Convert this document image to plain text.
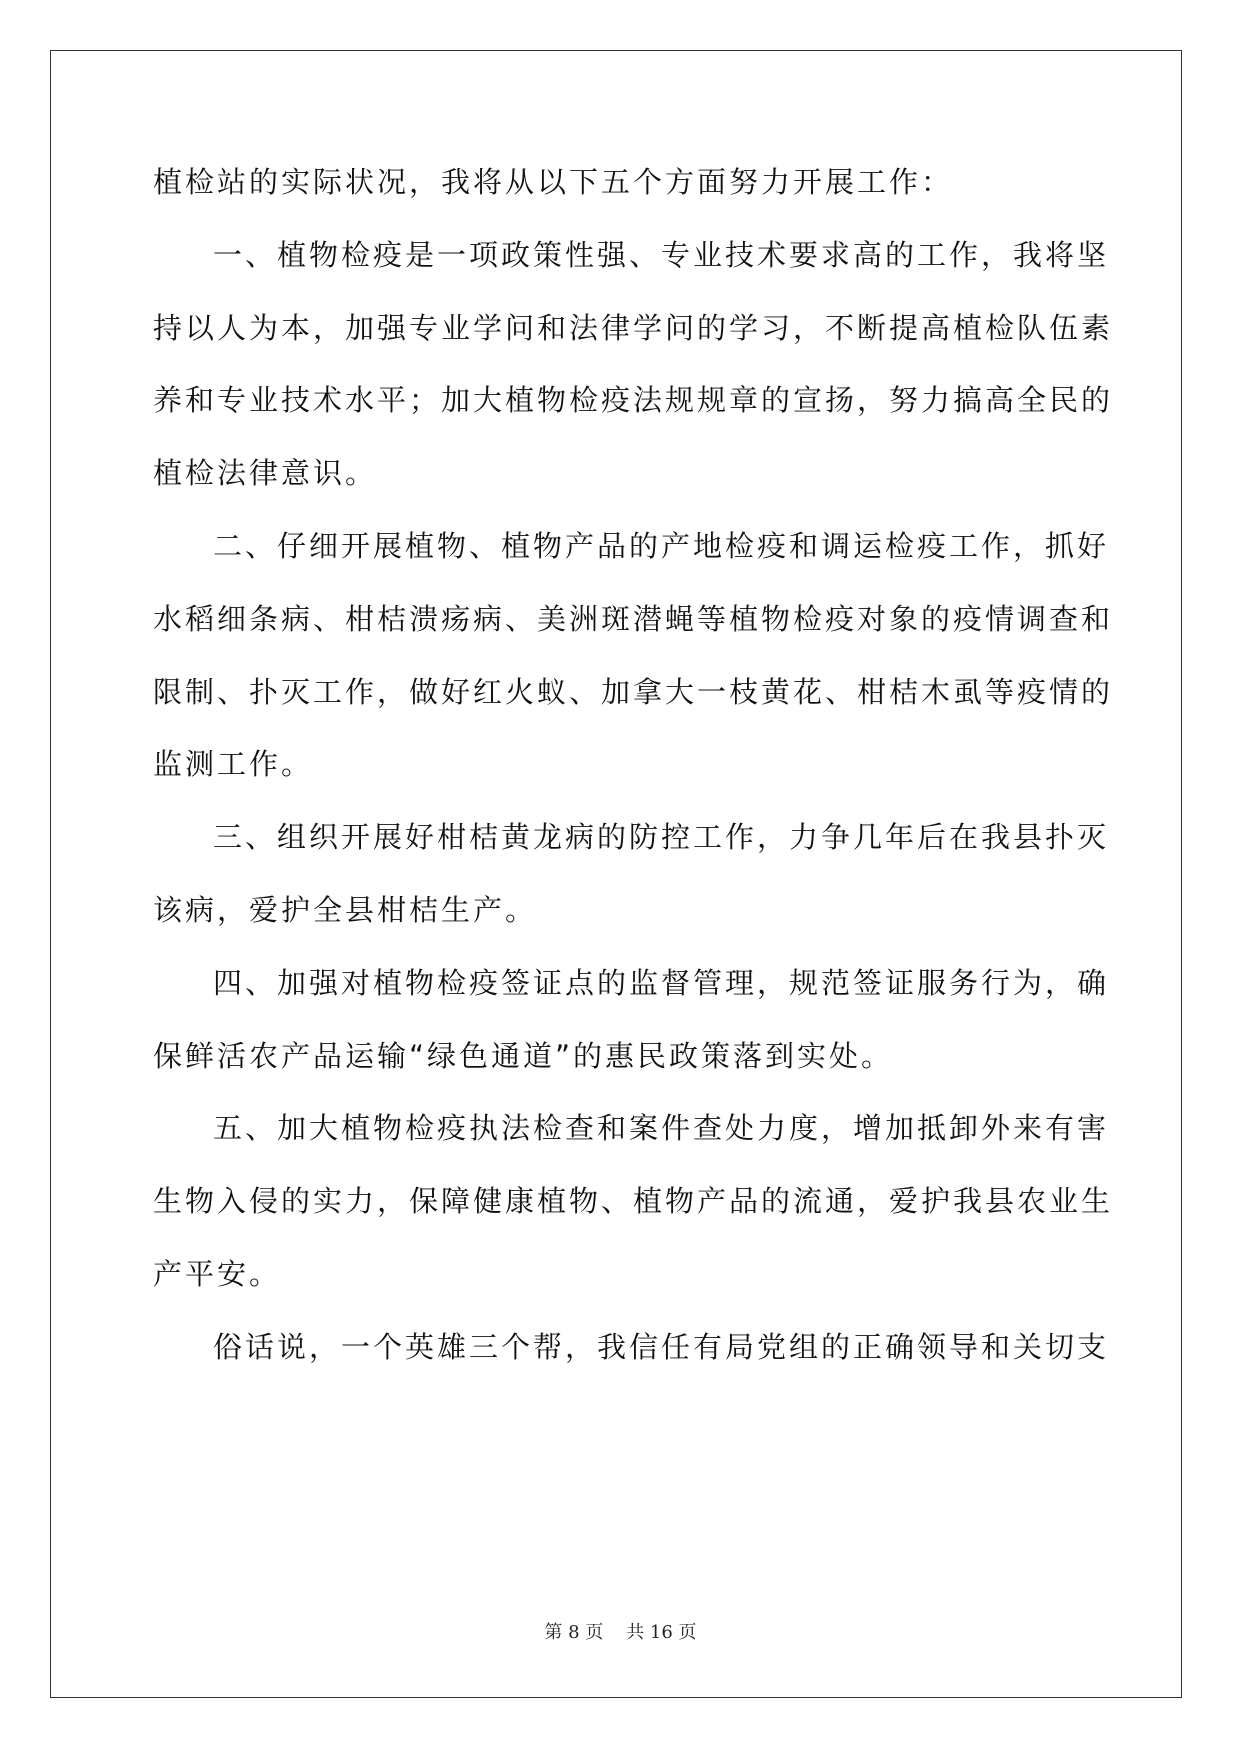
植检站的实际状况，我将从以下五个方面努力开展工作：
一、植物检疫是一项政策性强、专业技术要求高的工作，我将坚
持以人为本，加强专业学问和法律学问的学习，不断提高植检队伍素
养和专业技术水平；加大植物检疫法规规章的宣扬，努力搞高全民的
植检法律意识。
二、仔细开展植物、植物产品的产地检疫和调运检疫工作，抓好
水稻细条病、柑桔溃疡病、美洲斑潜蝇等植物检疫对象的疫情调查和
限制、扑灭工作，做好红火蚁、加拿大一枝黄花、柑桔木虱等疫情的
监测工作。
三、组织开展好柑桔黄龙病的防控工作，力争几年后在我县扑灭
该病，爱护全县柑桔生产。
四、加强对植物检疫签证点的监督管理，规范签证服务行为，确
保鲜活农产品运输“绿色通道”的惠民政策落到实处。
五、加大植物检疫执法检查和案件查处力度，增加抵卸外来有害
生物入侵的实力，保障健康植物、植物产品的流通，爱护我县农业生
产平安。
俗话说，一个英雄三个帮，我信任有局党组的正确领导和关切支
第 8 页    共 16 页
